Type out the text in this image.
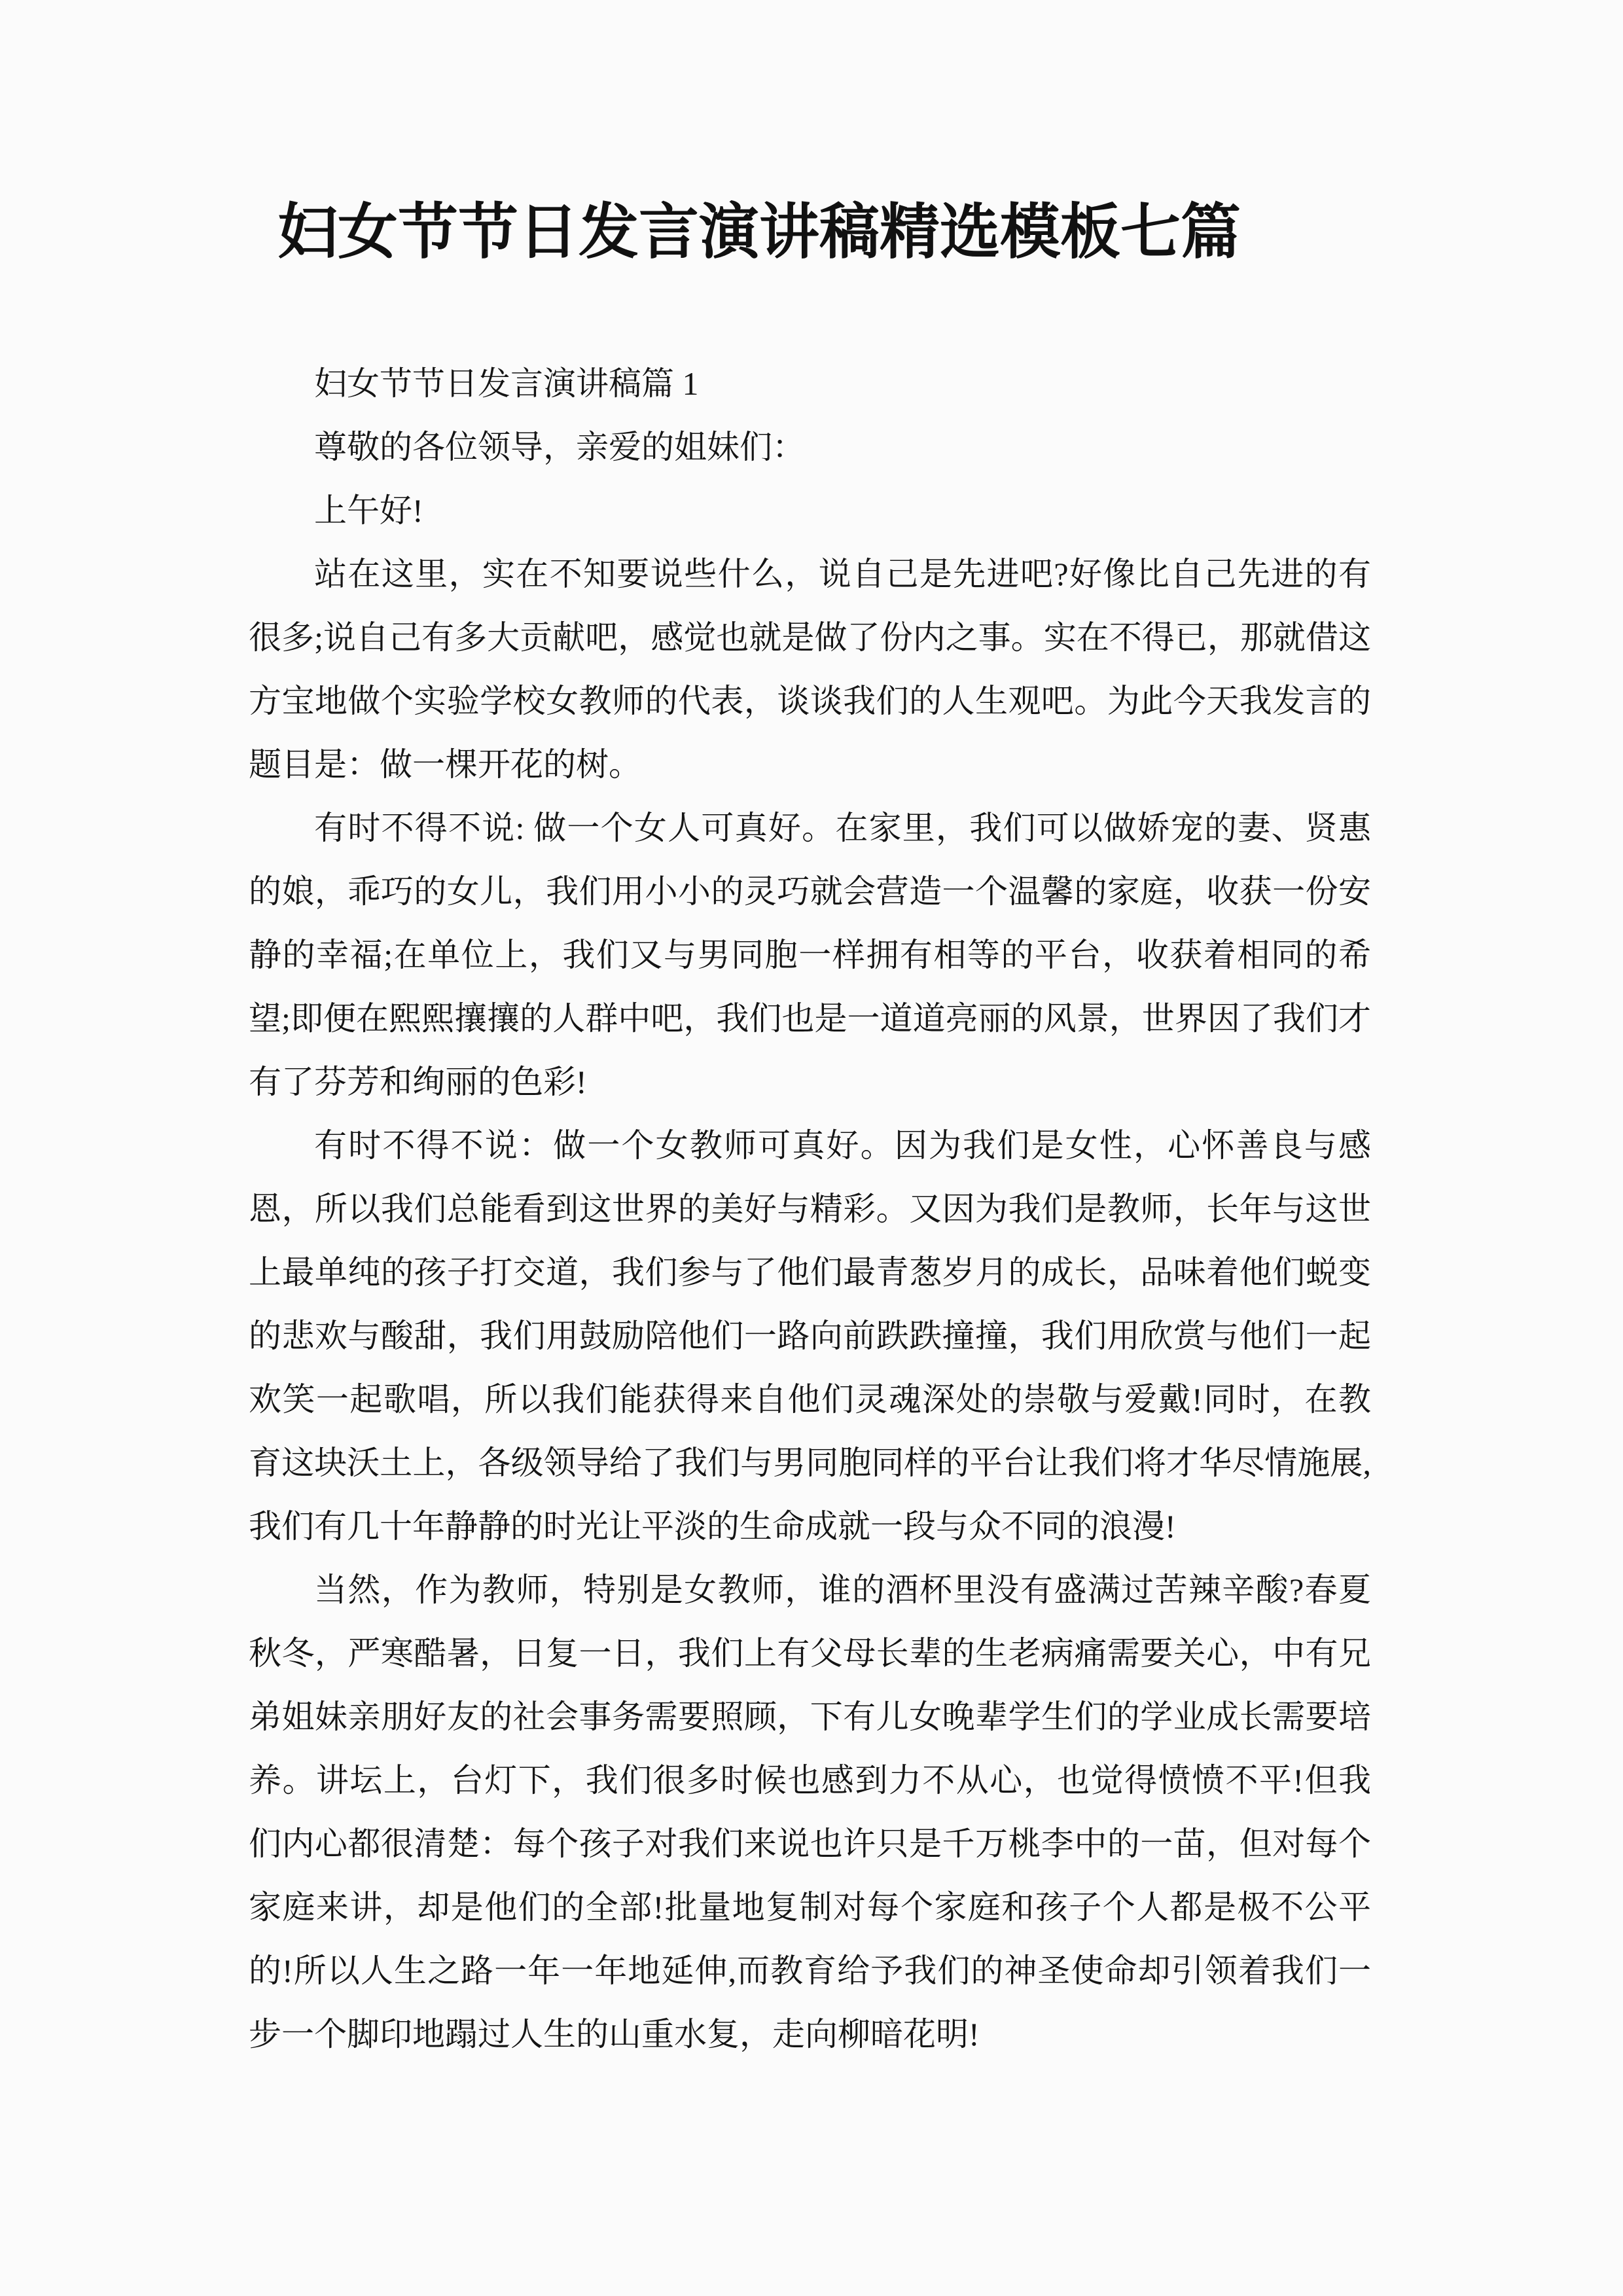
妇女节节日发言演讲稿精选模板七篇

妇女节节日发言演讲稿篇 1

尊敬的各位领导，亲爱的姐妹们：

上午好!

站在这里，实在不知要说些什么，说自己是先进吧?好像比自己先进的有很多;说自己有多大贡献吧，感觉也就是做了份内之事。实在不得已，那就借这方宝地做个实验学校女教师的代表，谈谈我们的人生观吧。为此今天我发言的题目是：做一棵开花的树。

有时不得不说: 做一个女人可真好。在家里，我们可以做娇宠的妻、贤惠的娘，乖巧的女儿，我们用小小的灵巧就会营造一个温馨的家庭，收获一份安静的幸福;在单位上，我们又与男同胞一样拥有相等的平台，收获着相同的希望;即便在熙熙攘攘的人群中吧，我们也是一道道亮丽的风景，世界因了我们才有了芬芳和绚丽的色彩!

有时不得不说：做一个女教师可真好。因为我们是女性，心怀善良与感恩，所以我们总能看到这世界的美好与精彩。又因为我们是教师，长年与这世上最单纯的孩子打交道，我们参与了他们最青葱岁月的成长，品味着他们蜕变的悲欢与酸甜，我们用鼓励陪他们一路向前跌跌撞撞，我们用欣赏与他们一起欢笑一起歌唱，所以我们能获得来自他们灵魂深处的崇敬与爱戴!同时，在教育这块沃土上，各级领导给了我们与男同胞同样的平台让我们将才华尽情施展,我们有几十年静静的时光让平淡的生命成就一段与众不同的浪漫!

当然，作为教师，特别是女教师，谁的酒杯里没有盛满过苦辣辛酸?春夏秋冬，严寒酷暑，日复一日，我们上有父母长辈的生老病痛需要关心，中有兄弟姐妹亲朋好友的社会事务需要照顾，下有儿女晚辈学生们的学业成长需要培养。讲坛上，台灯下，我们很多时候也感到力不从心，也觉得愤愤不平!但我们内心都很清楚：每个孩子对我们来说也许只是千万桃李中的一苗，但对每个家庭来讲，却是他们的全部!批量地复制对每个家庭和孩子个人都是极不公平的!所以人生之路一年一年地延伸,而教育给予我们的神圣使命却引领着我们一步一个脚印地蹋过人生的山重水复，走向柳暗花明!
